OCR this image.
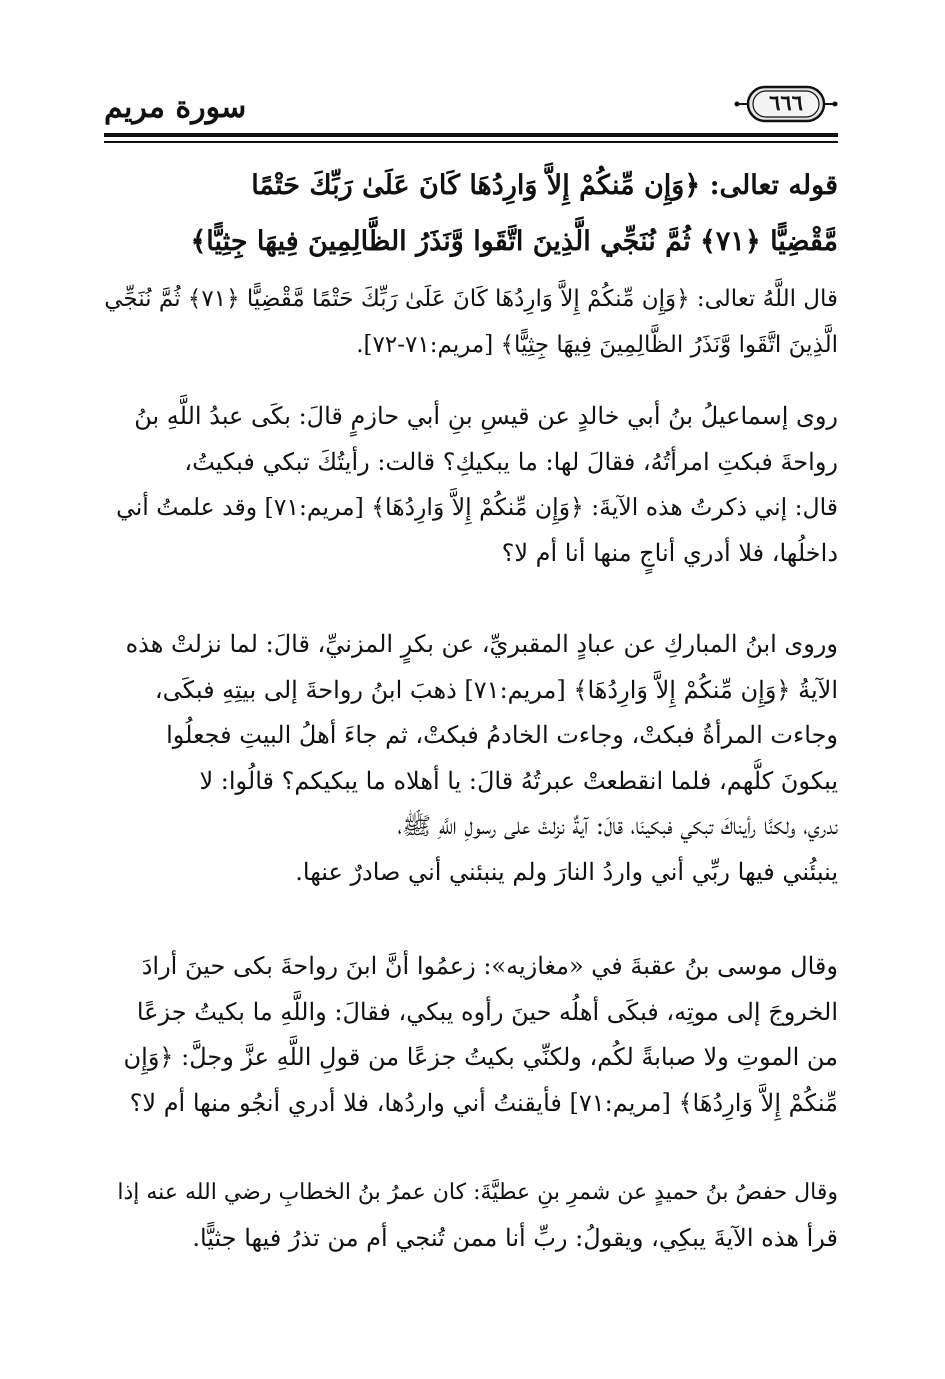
سورة مريم	٦٦٦
قوله تعالى: ﴿وَإِن مِّنكُمْ إِلاَّ وَارِدُهَا كَانَ عَلَىٰ رَبِّكَ حَتْمًا
مَّقْضِيًّا ﴿٧١﴾ ثُمَّ نُنَجِّي الَّذِينَ اتَّقَوا وَّنَذَرُ الظَّالِمِينَ فِيهَا جِثِيًّا﴾
قال اللَّهُ تعالى: ﴿وَإِن مِّنكُمْ إِلاَّ وَارِدُهَا كَانَ عَلَىٰ رَبِّكَ حَتْمًا مَّقْضِيًّا ﴿٧١﴾ ثُمَّ نُنَجِّي
الَّذِينَ اتَّقَوا وَّنَذَرُ الظَّالِمِينَ فِيهَا جِثِيًّا﴾ [مريم:٧١-٧٢].
روى إسماعيلُ بنُ أبي خالدٍ عن قيسِ بنِ أبي حازمٍ قالَ: بكَى عبدُ اللَّهِ بنُ
رواحةَ فبكتِ امرأتُهُ، فقالَ لها: ما يبكيكِ؟ قالت: رأيتُكَ تبكي فبكيتُ،
قال: إني ذكرتُ هذه الآيةَ: ﴿وَإِن مِّنكُمْ إِلاَّ وَارِدُهَا﴾ [مريم:٧١] وقد علمتُ أني
داخلُها، فلا أدري أناجٍ منها أنا أم لا؟
وروى ابنُ المباركِ عن عبادٍ المقبريِّ، عن بكرٍ المزنيِّ، قالَ: لما نزلتْ هذه
الآيةُ ﴿وَإِن مِّنكُمْ إِلاَّ وَارِدُهَا﴾ [مريم:٧١] ذهبَ ابنُ رواحةَ إلى بيتِهِ فبكَى،
وجاءت المرأةُ فبكتْ، وجاءت الخادمُ فبكتْ، ثم جاءَ أهلُ البيتِ فجعلُوا
يبكونَ كلُّهم، فلما انقطعتْ عبرتُهُ قالَ: يا أهلاه ما يبكيكم؟ قالُوا: لا
ندري، ولكنَّا رأيناكَ تبكي فبكينَا، قالَ: آيةٌ نزلتْ على رسولِ اللَّهِ ﷺ،
ينبئُني فيها ربِّي أني واردُ النارَ ولم ينبئني أني صادرٌ عنها.
وقال موسى بنُ عقبةَ في «مغازيه»: زعمُوا أنَّ ابنَ رواحةَ بكى حينَ أرادَ
الخروجَ إلى موتِه، فبكَى أهلُه حينَ رأوه يبكي، فقالَ: واللَّهِ ما بكيتُ جزعًا
من الموتِ ولا صبابةً لكُم، ولكنِّي بكيتُ جزعًا من قولِ اللَّهِ عزَّ وجلَّ: ﴿وَإِن
مِّنكُمْ إِلاَّ وَارِدُهَا﴾ [مريم:٧١] فأيقنتُ أني واردُها، فلا أدري أنجُو منها أم لا؟
وقال حفصُ بنُ حميدٍ عن شمرِ بنِ عطيَّةَ: كان عمرُ بنُ الخطابِ رضي الله عنه إذا
قرأ هذه الآيةَ يبكِي، ويقولُ: ربِّ أنا ممن تُنجي أم من تذرُ فيها جثيًّا.
